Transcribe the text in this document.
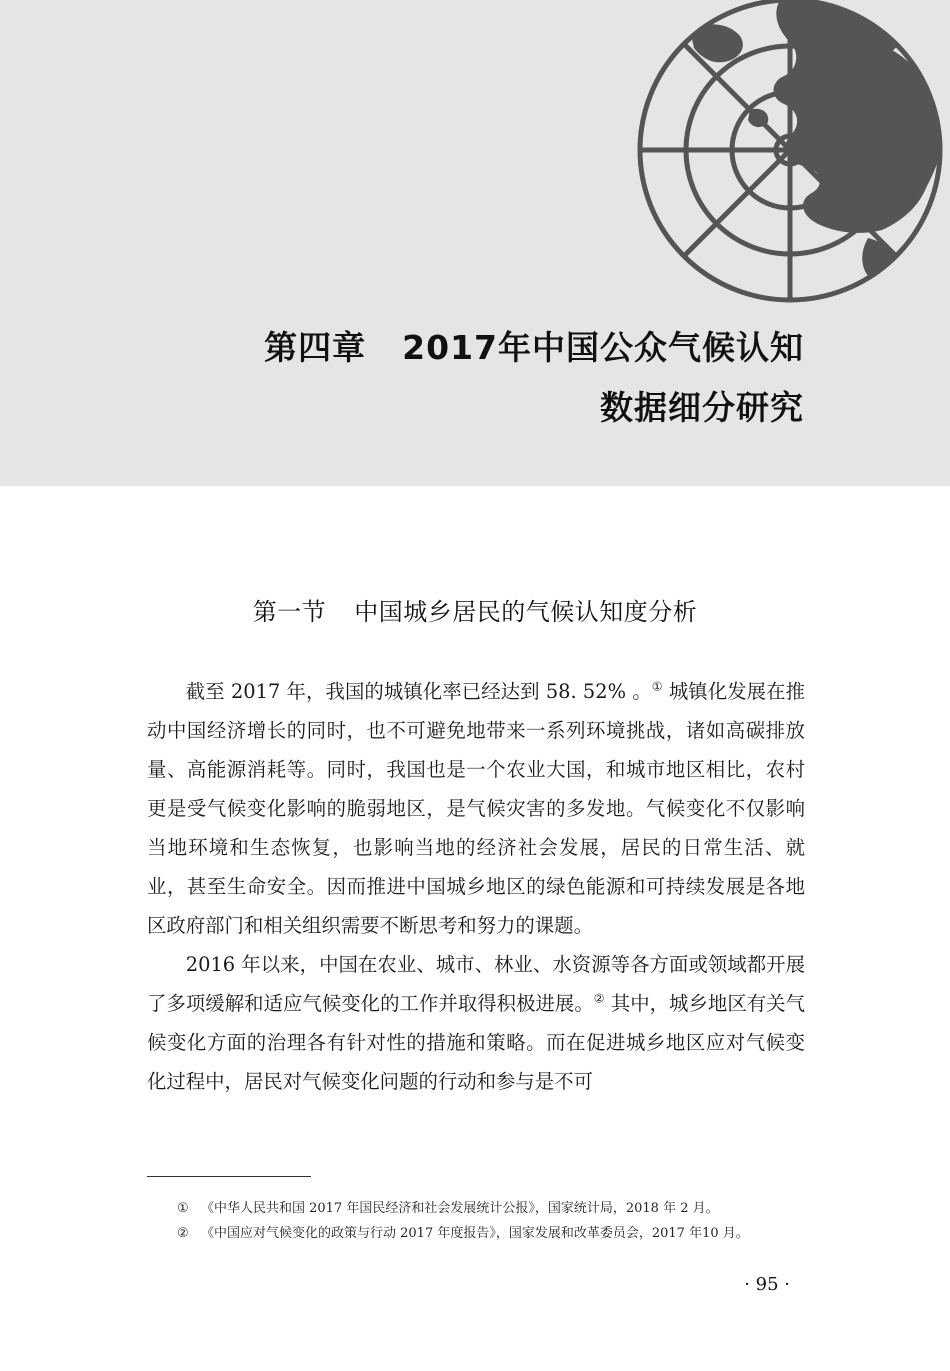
第四章 2017年中国公众气候认知
数据细分研究
第一节 中国城乡居民的气候认知度分析

截至 2017 年，我国的城镇化率已经达到 58. 52% 。① 城镇化发展在推动中国经济增长的同时，也不可避免地带来一系列环境挑战，诸如高碳排放量、高能源消耗等。同时，我国也是一个农业大国，和城市地区相比，农村更是受气候变化影响的脆弱地区，是气候灾害的多发地。气候变化不仅影响当地环境和生态恢复，也影响当地的经济社会发展，居民的日常生活、就业，甚至生命安全。因而推进中国城乡地区的绿色能源和可持续发展是各地区政府部门和相关组织需要不断思考和努力的课题。

2016 年以来，中国在农业、城市、林业、水资源等各方面或领域都开展了多项缓解和适应气候变化的工作并取得积极进展。② 其中，城乡地区有关气候变化方面的治理各有针对性的措施和策略。而在促进城乡地区应对气候变化过程中，居民对气候变化问题的行动和参与是不可

① 《中华人民共和国 2017 年国民经济和社会发展统计公报》，国家统计局，2018 年 2 月。
② 《中国应对气候变化的政策与行动 2017 年度报告》，国家发展和改革委员会，2017 年10 月。
· 95 ·
